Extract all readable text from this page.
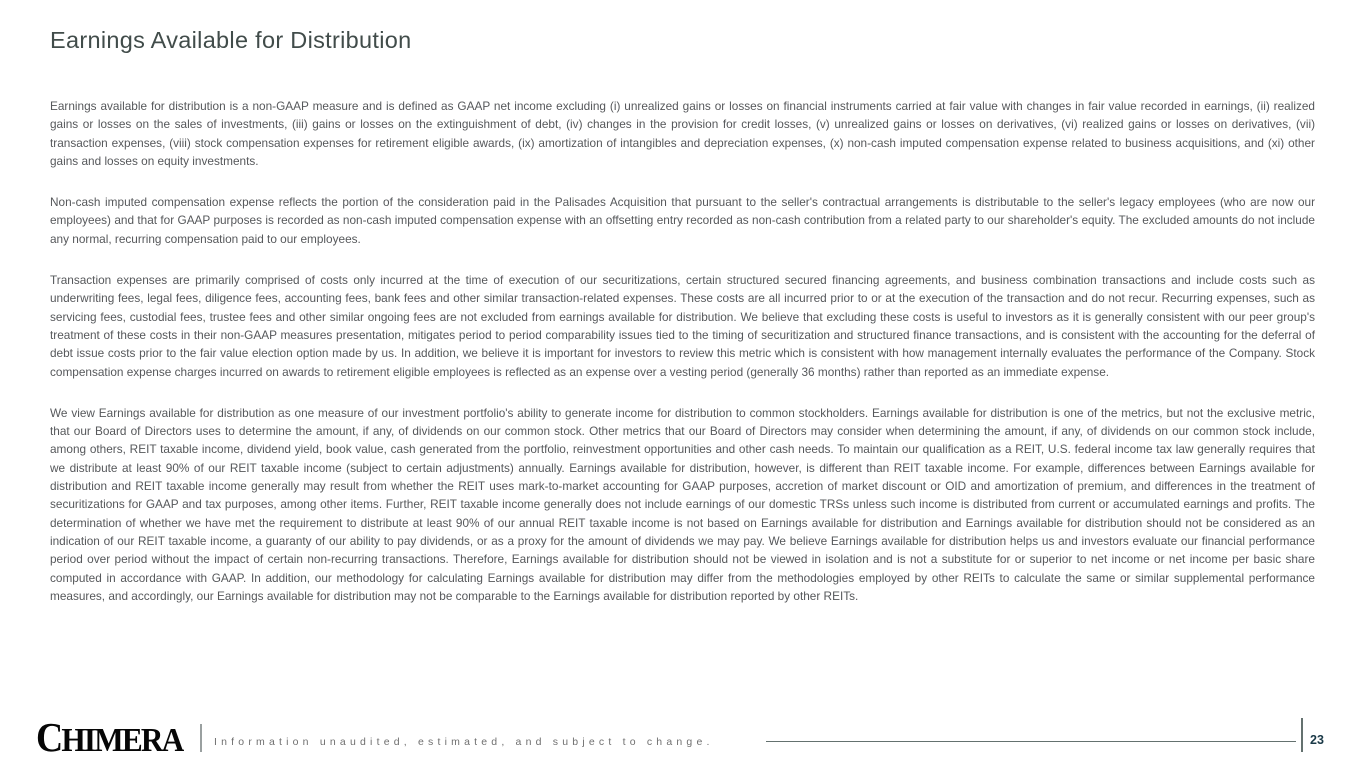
Earnings Available for Distribution

Earnings available for distribution is a non-GAAP measure and is defined as GAAP net income excluding (i) unrealized gains or losses on financial instruments carried at fair value with changes in fair value recorded in earnings, (ii) realized gains or losses on the sales of investments, (iii) gains or losses on the extinguishment of debt, (iv) changes in the provision for credit losses, (v) unrealized gains or losses on derivatives, (vi) realized gains or losses on derivatives, (vii) transaction expenses, (viii) stock compensation expenses for retirement eligible awards, (ix) amortization of intangibles and depreciation expenses, (x) non-cash imputed compensation expense related to business acquisitions, and (xi) other gains and losses on equity investments.

Non-cash imputed compensation expense reflects the portion of the consideration paid in the Palisades Acquisition that pursuant to the seller's contractual arrangements is distributable to the seller's legacy employees (who are now our employees) and that for GAAP purposes is recorded as non-cash imputed compensation expense with an offsetting entry recorded as non-cash contribution from a related party to our shareholder's equity. The excluded amounts do not include any normal, recurring compensation paid to our employees.

Transaction expenses are primarily comprised of costs only incurred at the time of execution of our securitizations, certain structured secured financing agreements, and business combination transactions and include costs such as underwriting fees, legal fees, diligence fees, accounting fees, bank fees and other similar transaction-related expenses. These costs are all incurred prior to or at the execution of the transaction and do not recur. Recurring expenses, such as servicing fees, custodial fees, trustee fees and other similar ongoing fees are not excluded from earnings available for distribution. We believe that excluding these costs is useful to investors as it is generally consistent with our peer group's treatment of these costs in their non-GAAP measures presentation, mitigates period to period comparability issues tied to the timing of securitization and structured finance transactions, and is consistent with the accounting for the deferral of debt issue costs prior to the fair value election option made by us. In addition, we believe it is important for investors to review this metric which is consistent with how management internally evaluates the performance of the Company. Stock compensation expense charges incurred on awards to retirement eligible employees is reflected as an expense over a vesting period (generally 36 months) rather than reported as an immediate expense.

We view Earnings available for distribution as one measure of our investment portfolio's ability to generate income for distribution to common stockholders. Earnings available for distribution is one of the metrics, but not the exclusive metric, that our Board of Directors uses to determine the amount, if any, of dividends on our common stock. Other metrics that our Board of Directors may consider when determining the amount, if any, of dividends on our common stock include, among others, REIT taxable income, dividend yield, book value, cash generated from the portfolio, reinvestment opportunities and other cash needs. To maintain our qualification as a REIT, U.S. federal income tax law generally requires that we distribute at least 90% of our REIT taxable income (subject to certain adjustments) annually. Earnings available for distribution, however, is different than REIT taxable income. For example, differences between Earnings available for distribution and REIT taxable income generally may result from whether the REIT uses mark-to-market accounting for GAAP purposes, accretion of market discount or OID and amortization of premium, and differences in the treatment of securitizations for GAAP and tax purposes, among other items. Further, REIT taxable income generally does not include earnings of our domestic TRSs unless such income is distributed from current or accumulated earnings and profits. The determination of whether we have met the requirement to distribute at least 90% of our annual REIT taxable income is not based on Earnings available for distribution and Earnings available for distribution should not be considered as an indication of our REIT taxable income, a guaranty of our ability to pay dividends, or as a proxy for the amount of dividends we may pay. We believe Earnings available for distribution helps us and investors evaluate our financial performance period over period without the impact of certain non-recurring transactions. Therefore, Earnings available for distribution should not be viewed in isolation and is not a substitute for or superior to net income or net income per basic share computed in accordance with GAAP. In addition, our methodology for calculating Earnings available for distribution may differ from the methodologies employed by other REITs to calculate the same or similar supplemental performance measures, and accordingly, our Earnings available for distribution may not be comparable to the Earnings available for distribution reported by other REITs.

CHIMERA	Information unaudited, estimated, and subject to change.	23
